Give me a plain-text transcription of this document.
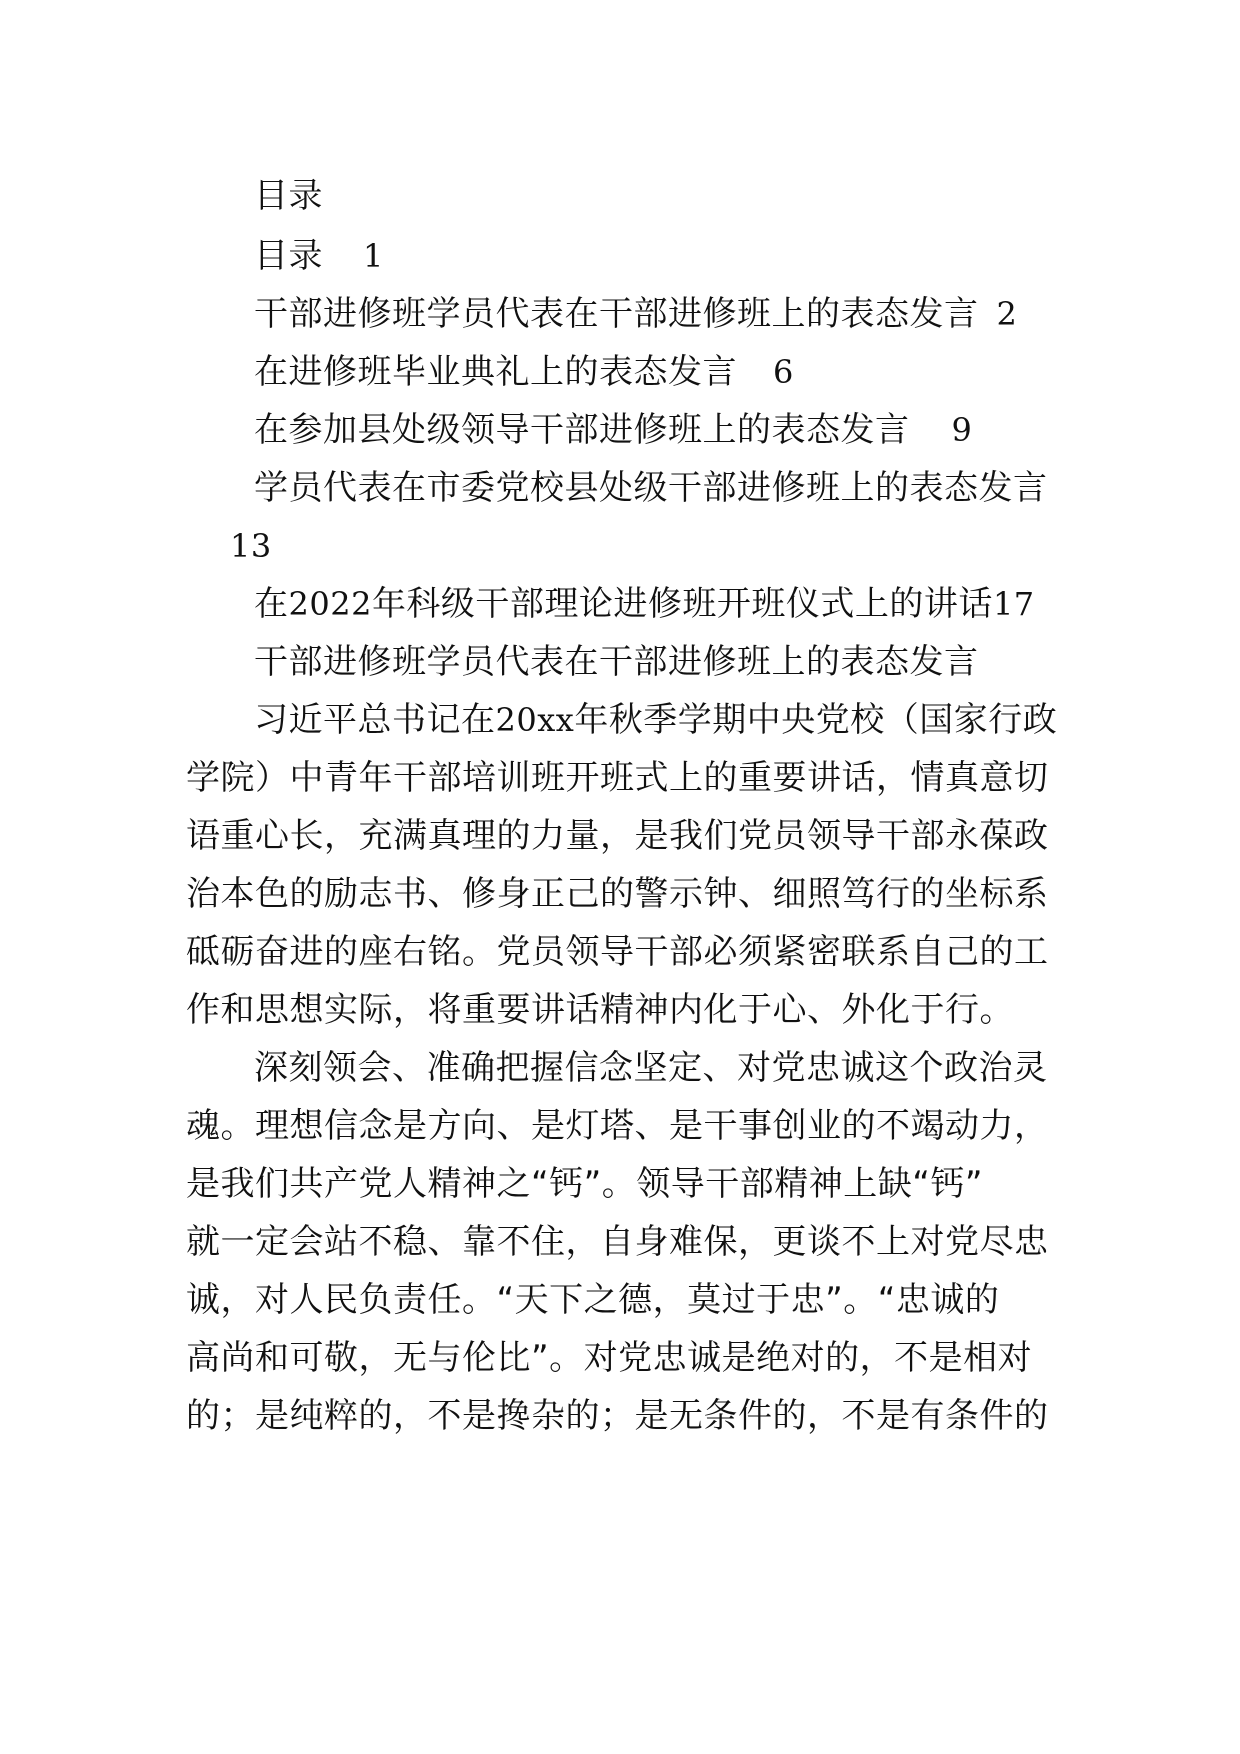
目录
目录 1
干部进修班学员代表在干部进修班上的表态发言 2
在进修班毕业典礼上的表态发言 6
在参加县处级领导干部进修班上的表态发言 9
学员代表在市委党校县处级干部进修班上的表态发言
13
在2022年科级干部理论进修班开班仪式上的讲话17
干部进修班学员代表在干部进修班上的表态发言
习近平总书记在20xx年秋季学期中央党校（国家行政
学院）中青年干部培训班开班式上的重要讲话，情真意切
语重心长，充满真理的力量，是我们党员领导干部永葆政
治本色的励志书、修身正己的警示钟、细照笃行的坐标系
砥砺奋进的座右铭。党员领导干部必须紧密联系自己的工
作和思想实际，将重要讲话精神内化于心、外化于行。
深刻领会、准确把握信念坚定、对党忠诚这个政治灵
魂。理想信念是方向、是灯塔、是干事创业的不竭动力，
是我们共产党人精神之“钙”。领导干部精神上缺“钙”
就一定会站不稳、靠不住，自身难保，更谈不上对党尽忠
诚，对人民负责任。“天下之德，莫过于忠”。“忠诚的
高尚和可敬，无与伦比”。对党忠诚是绝对的，不是相对
的；是纯粹的，不是搀杂的；是无条件的，不是有条件的
